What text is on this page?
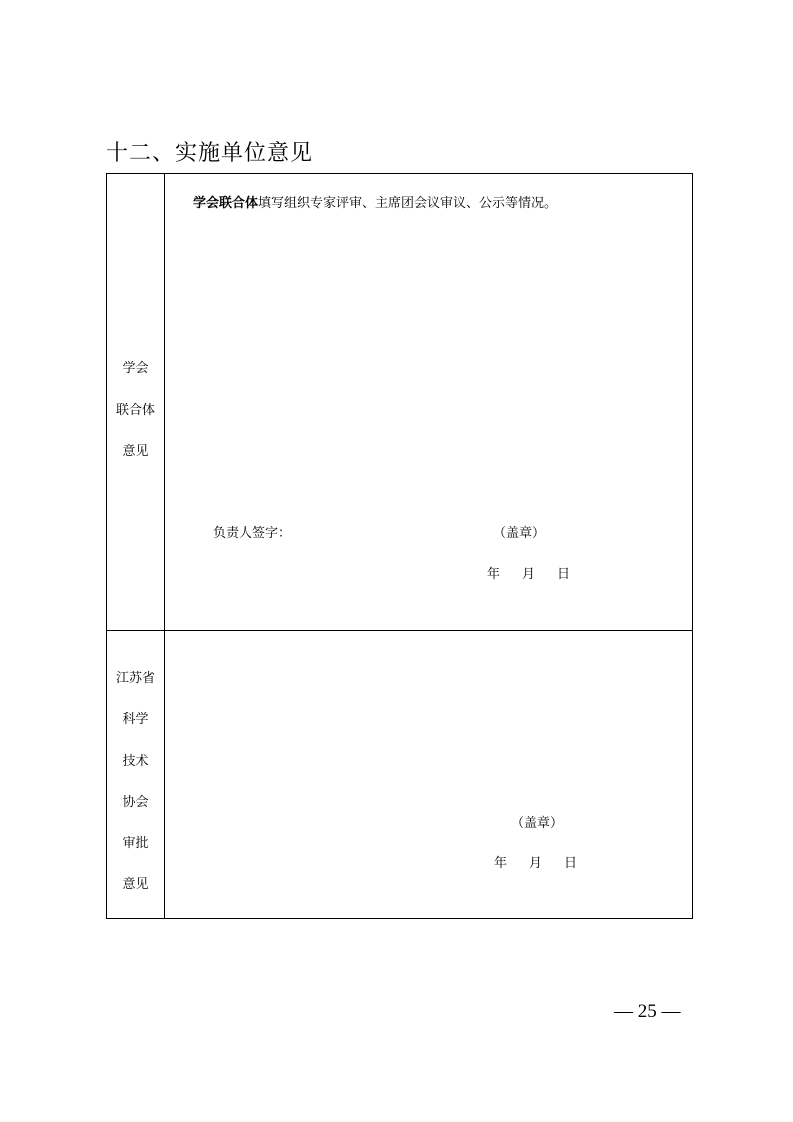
十二、实施单位意见
学会
联合体
意见
学会联合体填写组织专家评审、主席团会议审议、公示等情况。
负责人签字：	（盖章）
年 月 日
江苏省
科学
技术
协会
审批
意见
（盖章）
年 月 日
— 25 —
